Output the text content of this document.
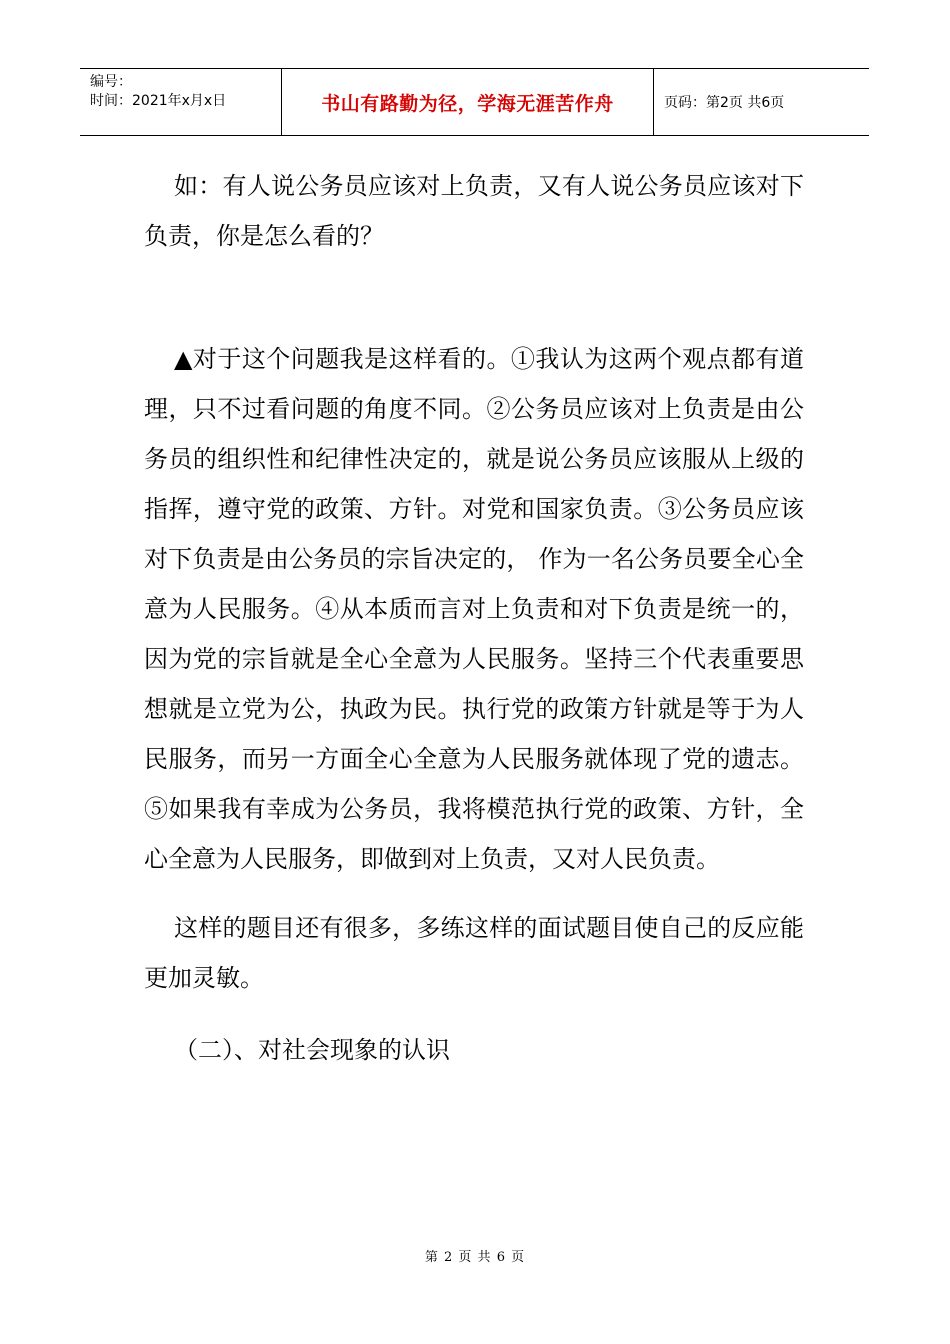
编号：
时间：2021年x月x日	书山有路勤为径，学海无涯苦作舟	页码：第2页 共6页

如：有人说公务员应该对上负责，又有人说公务员应该对下负责，你是怎么看的？

▲对于这个问题我是这样看的。①我认为这两个观点都有道理，只不过看问题的角度不同。②公务员应该对上负责是由公务员的组织性和纪律性决定的，就是说公务员应该服从上级的指挥，遵守党的政策、方针。对党和国家负责。③公务员应该对下负责是由公务员的宗旨决定的， 作为一名公务员要全心全意为人民服务。④从本质而言对上负责和对下负责是统一的，因为党的宗旨就是全心全意为人民服务。坚持三个代表重要思想就是立党为公，执政为民。执行党的政策方针就是等于为人民服务，而另一方面全心全意为人民服务就体现了党的遗志。⑤如果我有幸成为公务员，我将模范执行党的政策、方针，全心全意为人民服务，即做到对上负责，又对人民负责。

这样的题目还有很多，多练这样的面试题目使自己的反应能更加灵敏。

（二）、对社会现象的认识

第 2 页 共 6 页
